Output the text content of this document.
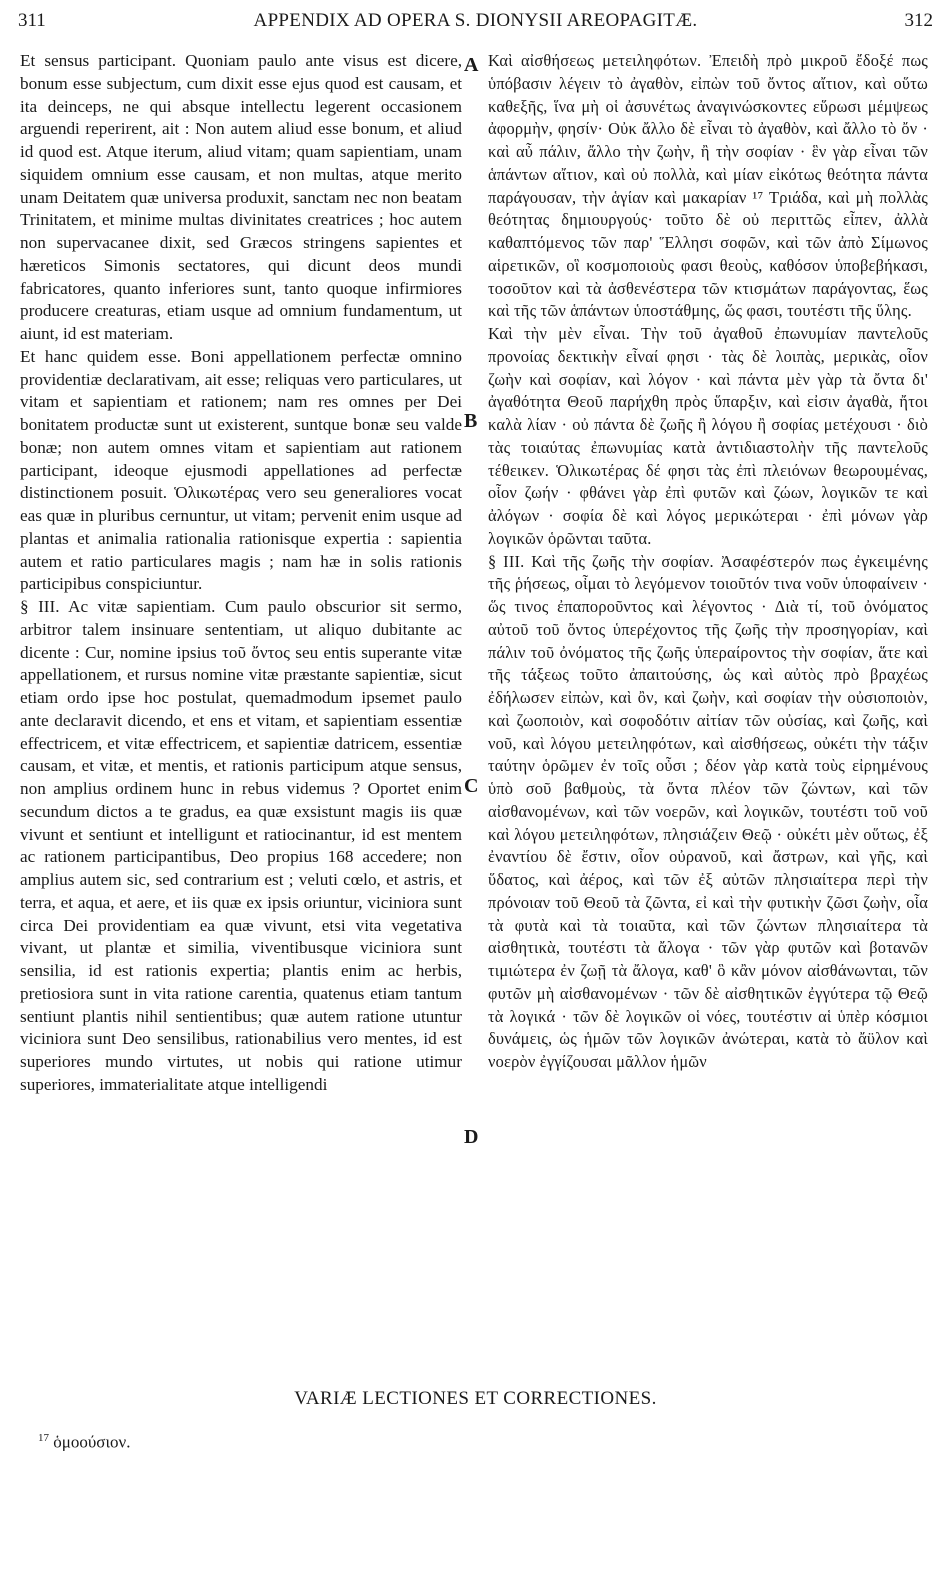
311	APPENDIX AD OPERA S. DIONYSII AREOPAGITÆ.	312

Et sensus participant. Quoniam paulo ante visus est dicere, bonum esse subjectum, cum dixit esse ejus quod est causam, et ita deinceps, ne qui absque intellectu legerent occasionem arguendi reperirent, ait : Non autem aliud esse bonum, et aliud id quod est. Atque iterum, aliud vitam; quam sapientiam, unam siquidem omnium esse causam, et non multas, atque merito unam Deitatem quæ universa produxit, sanctam nec non beatam Trinitatem, et minime multas divinitates creatrices ; hoc autem non supervacanee dixit, sed Græcos stringens sapientes et hæreticos Simonis sectatores, qui dicunt deos mundi fabricatores, quanto inferiores sunt, tanto quoque infirmiores producere creaturas, etiam usque ad omnium fundamentum, ut aiunt, id est materiam.

Et hanc quidem esse. Boni appellationem perfectæ omnino providentiæ declarativam, ait esse; reliquas vero particulares, ut vitam et sapientiam et rationem; nam res omnes per Dei bonitatem productæ sunt ut existerent, suntque bonæ seu valde bonæ; non autem omnes vitam et sapientiam aut rationem participant, ideoque ejusmodi appellationes ad perfectæ distinctionem posuit. Ὁλικωτέρας vero seu generaliores vocat eas quæ in pluribus cernuntur, ut vitam; pervenit enim usque ad plantas et animalia rationalia rationisque expertia : sapientia autem et ratio particulares magis ; nam hæ in solis rationis participibus conspiciuntur.

§ III. Ac vitæ sapientiam. Cum paulo obscurior sit sermo, arbitror talem insinuare sententiam, ut aliquo dubitante ac dicente : Cur, nomine ipsius τοῦ ὄντος seu entis superante vitæ appellationem, et rursus nomine vitæ præstante sapientiæ, sicut etiam ordo ipse hoc postulat, quemadmodum ipsemet paulo ante declaravit dicendo, et ens et vitam, et sapientiam essentiæ effectricem, et vitæ effectricem, et sapientiæ datricem, essentiæ causam, et vitæ, et mentis, et rationis participum atque sensus, non amplius ordinem hunc in rebus videmus ? Oportet enim secundum dictos a te gradus, ea quæ exsistunt magis iis quæ vivunt et sentiunt et intelligunt et ratiocinantur, id est mentem ac rationem participantibus, Deo propius 168 accedere; non amplius autem sic, sed contrarium est ; veluti cœlo, et astris, et terra, et aqua, et aere, et iis quæ ex ipsis oriuntur, viciniora sunt circa Dei providentiam ea quæ vivunt, etsi vita vegetativa vivant, ut plantæ et similia, viventibusque viciniora sunt sensilia, id est rationis expertia; plantis enim ac herbis, pretiosiora sunt in vita ratione carentia, quatenus etiam tantum sentiunt plantis nihil sentientibus; quæ autem ratione utuntur viciniora sunt Deo sensilibus, rationabilius vero mentes, id est superiores mundo virtutes, ut nobis qui ratione utimur superiores, immaterialitate atque intelligendi

A
B
C
D

Καὶ αἰσθήσεως μετειληφότων. Ἐπειδὴ πρὸ μικροῦ ἔδοξέ πως ὑπόβασιν λέγειν τὸ ἀγαθὸν, εἰπὼν τοῦ ὄντος αἴτιον, καὶ οὕτω καθεξῆς, ἵνα μὴ οἱ ἀσυνέτως ἀναγινώσκοντες εὕρωσι μέμψεως ἀφορμὴν, φησίν· Οὐκ ἄλλο δὲ εἶναι τὸ ἀγαθὸν, καὶ ἄλλο τὸ ὄν · καὶ αὖ πάλιν, ἄλλο τὴν ζωὴν, ἢ τὴν σοφίαν · ἓν γὰρ εἶναι τῶν ἁπάντων αἴτιον, καὶ οὐ πολλὰ, καὶ μίαν εἰκότως θεότητα πάντα παράγουσαν, τὴν ἁγίαν καὶ μακαρίαν ¹⁷ Τριάδα, καὶ μὴ πολλὰς θεότητας δημιουργούς· τοῦτο δὲ οὐ περιττῶς εἶπεν, ἀλλὰ καθαπτόμενος τῶν παρ' Ἕλλησι σοφῶν, καὶ τῶν ἀπὸ Σίμωνος αἱρετικῶν, οἳ κοσμοποιοὺς φασι θεοὺς, καθόσον ὑποβεβήκασι, τοσοῦτον καὶ τὰ ἀσθενέστερα τῶν κτισμάτων παράγοντας, ἕως καὶ τῆς τῶν ἁπάντων ὑποστάθμης, ὥς φασι, τουτέστι τῆς ὕλης.

Καὶ τὴν μὲν εἶναι. Τὴν τοῦ ἀγαθοῦ ἐπωνυμίαν παντελοῦς προνοίας δεκτικὴν εἶναί φησι · τὰς δὲ λοιπὰς, μερικὰς, οἷον ζωὴν καὶ σοφίαν, καὶ λόγον · καὶ πάντα μὲν γὰρ τὰ ὄντα δι' ἀγαθότητα Θεοῦ παρήχθη πρὸς ὕπαρξιν, καὶ εἰσιν ἀγαθὰ, ἤτοι καλὰ λίαν · οὐ πάντα δὲ ζωῆς ἢ λόγου ἢ σοφίας μετέχουσι · διὸ τὰς τοιαύτας ἐπωνυμίας κατὰ ἀντιδιαστολὴν τῆς παντελοῦς τέθεικεν. Ὁλικωτέρας δέ φησι τὰς ἐπὶ πλειόνων θεωρουμένας, οἷον ζωήν · φθάνει γὰρ ἐπὶ φυτῶν καὶ ζώων, λογικῶν τε καὶ ἀλόγων · σοφία δὲ καὶ λόγος μερικώτεραι · ἐπὶ μόνων γὰρ λογικῶν ὁρῶνται ταῦτα.

§ III. Καὶ τῆς ζωῆς τὴν σοφίαν. Ἀσαφέστερόν πως ἐγκειμένης τῆς ῥήσεως, οἶμαι τὸ λεγόμενον τοιοῦτόν τινα νοῦν ὑποφαίνειν · ὥς τινος ἐπαποροῦντος καὶ λέγοντος · Διὰ τί, τοῦ ὀνόματος αὐτοῦ τοῦ ὄντος ὑπερέχοντος τῆς ζωῆς τὴν προσηγορίαν, καὶ πάλιν τοῦ ὀνόματος τῆς ζωῆς ὑπεραίροντος τὴν σοφίαν, ἅτε καὶ τῆς τάξεως τοῦτο ἀπαιτούσης, ὡς καὶ αὐτὸς πρὸ βραχέως ἐδήλωσεν εἰπὼν, καὶ ὂν, καὶ ζωὴν, καὶ σοφίαν τὴν οὐσιοποιὸν, καὶ ζωοποιὸν, καὶ σοφοδότιν αἰτίαν τῶν οὐσίας, καὶ ζωῆς, καὶ νοῦ, καὶ λόγου μετειληφότων, καὶ αἰσθήσεως, οὐκέτι τὴν τάξιν ταύτην ὁρῶμεν ἐν τοῖς οὖσι ; δέον γὰρ κατὰ τοὺς εἰρημένους ὑπὸ σοῦ βαθμοὺς, τὰ ὄντα πλέον τῶν ζώντων, καὶ τῶν αἰσθανομένων, καὶ τῶν νοερῶν, καὶ λογικῶν, τουτέστι τοῦ νοῦ καὶ λόγου μετειληφότων, πλησιάζειν Θεῷ · οὐκέτι μὲν οὕτως, ἐξ ἐναντίου δὲ ἔστιν, οἷον οὐρανοῦ, καὶ ἄστρων, καὶ γῆς, καὶ ὕδατος, καὶ ἀέρος, καὶ τῶν ἐξ αὐτῶν πλησιαίτερα περὶ τὴν πρόνοιαν τοῦ Θεοῦ τὰ ζῶντα, εἰ καὶ τὴν φυτικὴν ζῶσι ζωὴν, οἷα τὰ φυτὰ καὶ τὰ τοιαῦτα, καὶ τῶν ζώντων πλησιαίτερα τὰ αἰσθητικὰ, τουτέστι τὰ ἄλογα · τῶν γὰρ φυτῶν καὶ βοτανῶν τιμιώτερα ἐν ζωῇ τὰ ἄλογα, καθ' ὃ κἂν μόνον αἰσθάνωνται, τῶν φυτῶν μὴ αἰσθανομένων · τῶν δὲ αἰσθητικῶν ἐγγύτερα τῷ Θεῷ τὰ λογικά · τῶν δὲ λογικῶν οἱ νόες, τουτέστιν αἱ ὑπὲρ κόσμιοι δυνάμεις, ὡς ἡμῶν τῶν λογικῶν ἀνώτεραι, κατὰ τὸ ἄϋλον καὶ νοερὸν ἐγγίζουσαι μᾶλλον ἡμῶν

VARIÆ LECTIONES ET CORRECTIONES.
$^{17}$ ὁμοούσιον.
